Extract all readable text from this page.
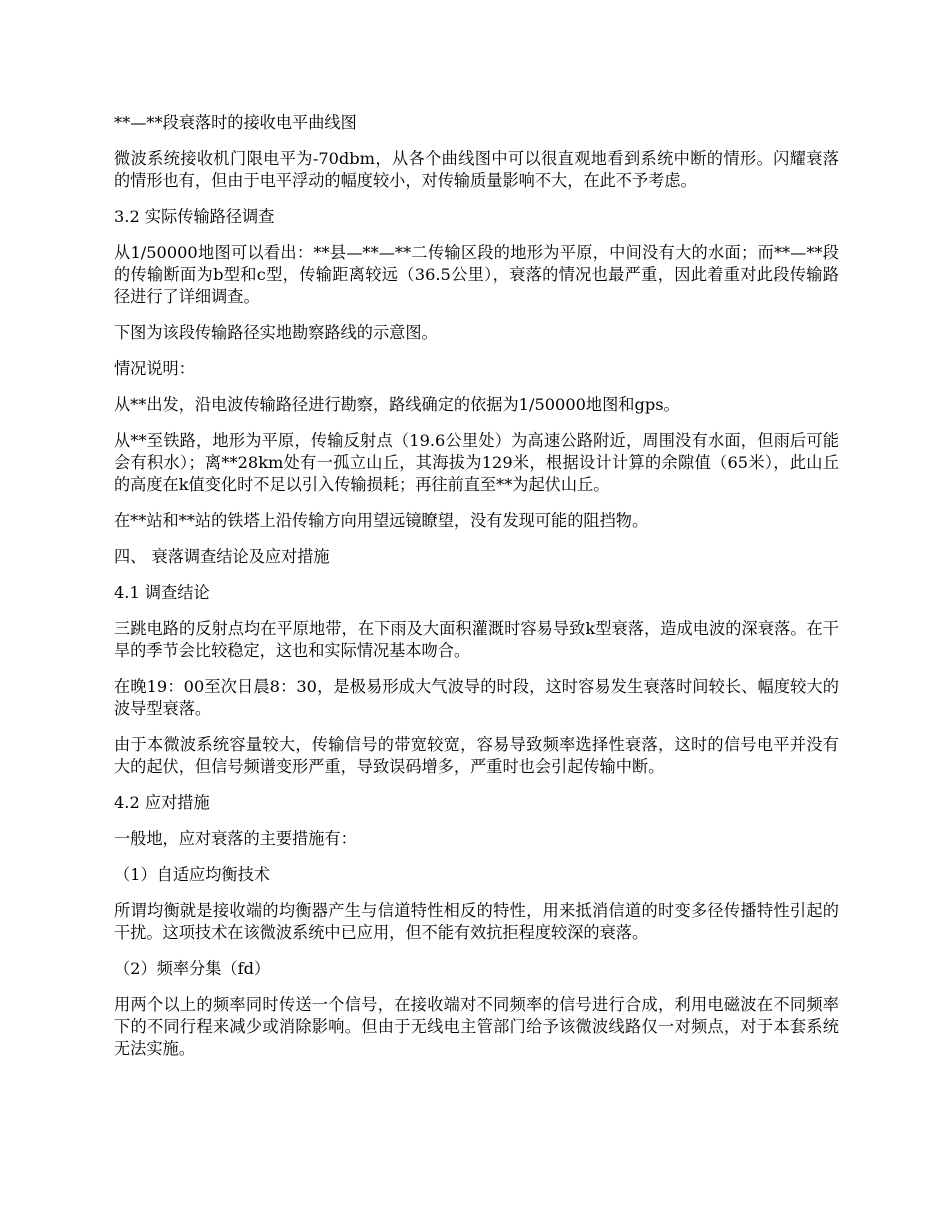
**—**段衰落时的接收电平曲线图

微波系统接收机门限电平为-70dbm，从各个曲线图中可以很直观地看到系统中断的情形。闪耀衰落的情形也有，但由于电平浮动的幅度较小，对传输质量影响不大，在此不予考虑。

3.2 实际传输路径调查

从1/50000地图可以看出：**县—**—**二传输区段的地形为平原，中间没有大的水面；而**—**段的传输断面为b型和c型，传输距离较远（36.5公里），衰落的情况也最严重，因此着重对此段传输路径进行了详细调查。

下图为该段传输路径实地勘察路线的示意图。

情况说明：

从**出发，沿电波传输路径进行勘察，路线确定的依据为1/50000地图和gps。

从**至铁路，地形为平原，传输反射点（19.6公里处）为高速公路附近，周围没有水面，但雨后可能会有积水）；离**28km处有一孤立山丘，其海拔为129米，根据设计计算的余隙值（65米），此山丘的高度在k值变化时不足以引入传输损耗；再往前直至**为起伏山丘。

在**站和**站的铁塔上沿传输方向用望远镜瞭望，没有发现可能的阻挡物。

四、 衰落调查结论及应对措施

4.1 调查结论

三跳电路的反射点均在平原地带，在下雨及大面积灌溉时容易导致k型衰落，造成电波的深衰落。在干旱的季节会比较稳定，这也和实际情况基本吻合。

在晚19：00至次日晨8：30，是极易形成大气波导的时段，这时容易发生衰落时间较长、幅度较大的波导型衰落。

由于本微波系统容量较大，传输信号的带宽较宽，容易导致频率选择性衰落，这时的信号电平并没有大的起伏，但信号频谱变形严重，导致误码增多，严重时也会引起传输中断。

4.2 应对措施

一般地，应对衰落的主要措施有：

（1）自适应均衡技术

所谓均衡就是接收端的均衡器产生与信道特性相反的特性，用来抵消信道的时变多径传播特性引起的干扰。这项技术在该微波系统中已应用，但不能有效抗拒程度较深的衰落。

（2）频率分集（fd）

用两个以上的频率同时传送一个信号，在接收端对不同频率的信号进行合成，利用电磁波在不同频率下的不同行程来减少或消除影响。但由于无线电主管部门给予该微波线路仅一对频点，对于本套系统无法实施。
